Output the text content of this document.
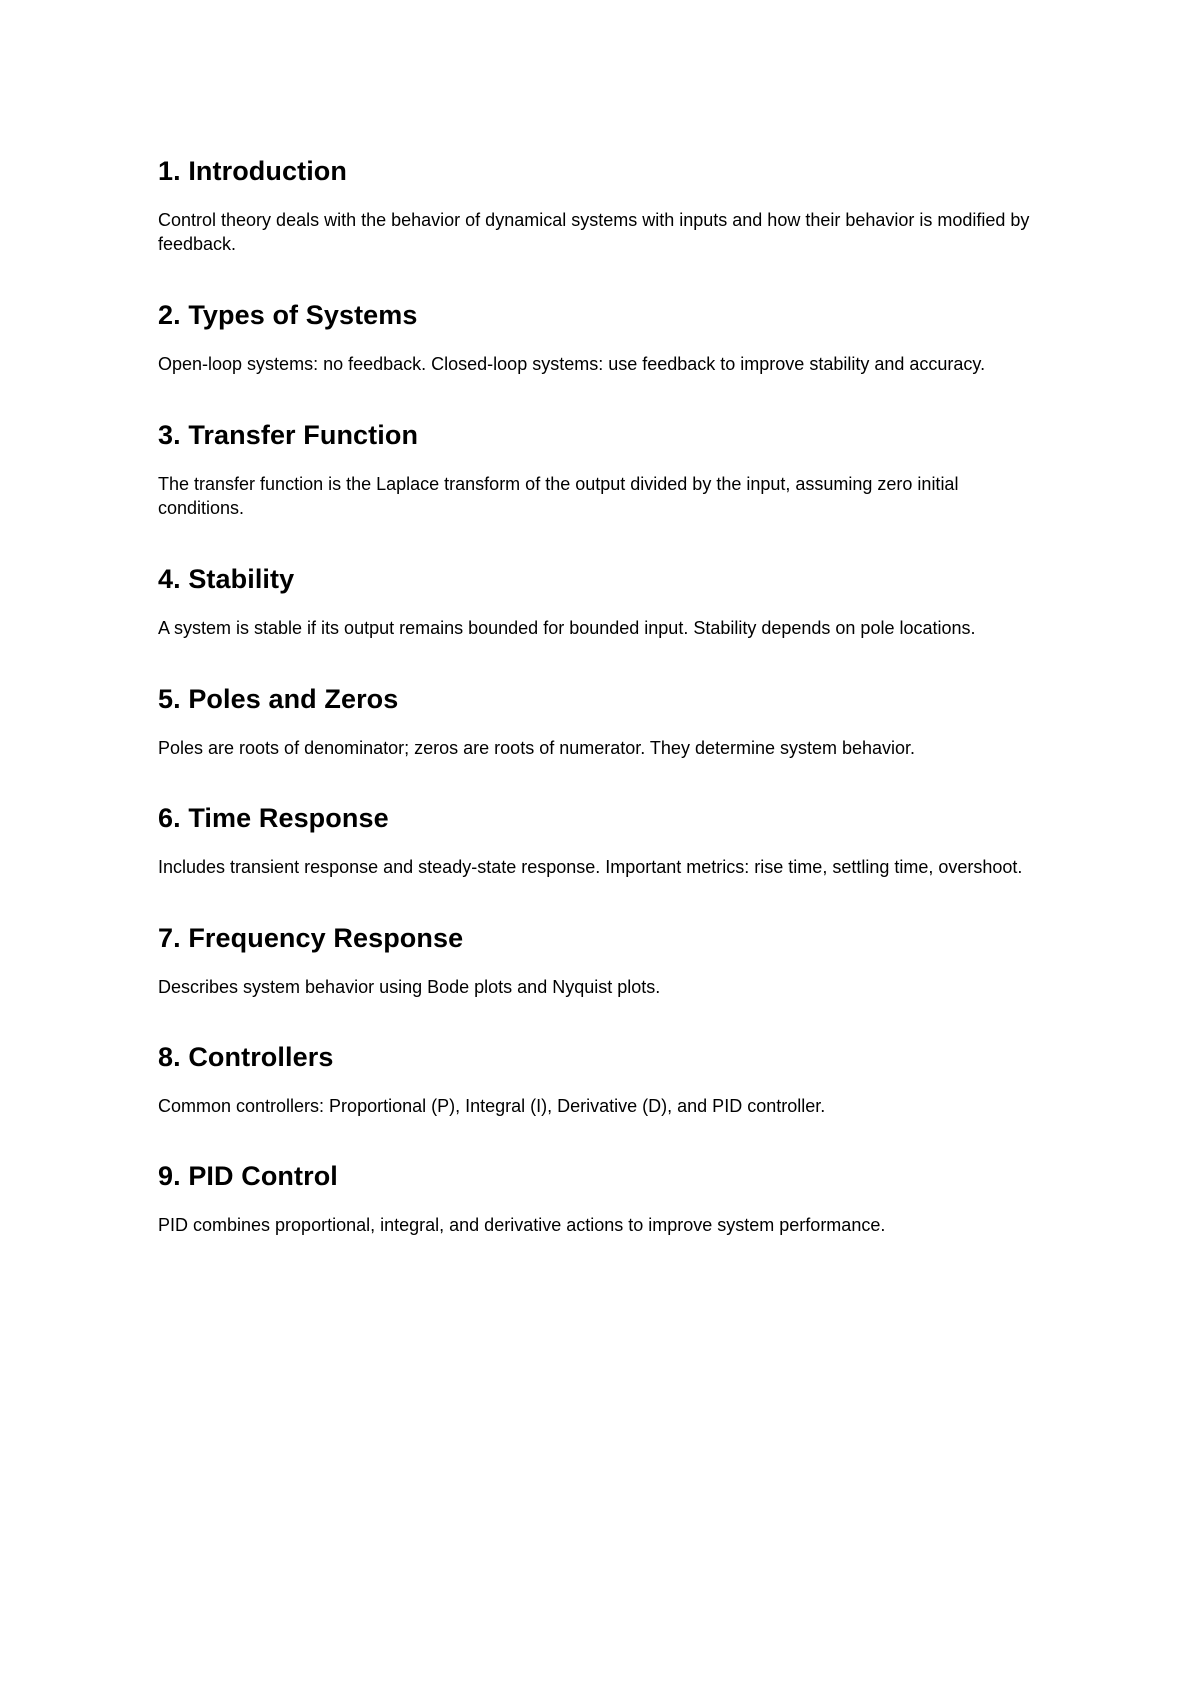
1. Introduction

Control theory deals with the behavior of dynamical systems with inputs and how their behavior is modified by feedback.

2. Types of Systems

Open-loop systems: no feedback. Closed-loop systems: use feedback to improve stability and accuracy.

3. Transfer Function

The transfer function is the Laplace transform of the output divided by the input, assuming zero initial conditions.

4. Stability

A system is stable if its output remains bounded for bounded input. Stability depends on pole locations.

5. Poles and Zeros

Poles are roots of denominator; zeros are roots of numerator. They determine system behavior.

6. Time Response

Includes transient response and steady-state response. Important metrics: rise time, settling time, overshoot.

7. Frequency Response

Describes system behavior using Bode plots and Nyquist plots.

8. Controllers

Common controllers: Proportional (P), Integral (I), Derivative (D), and PID controller.

9. PID Control

PID combines proportional, integral, and derivative actions to improve system performance.
